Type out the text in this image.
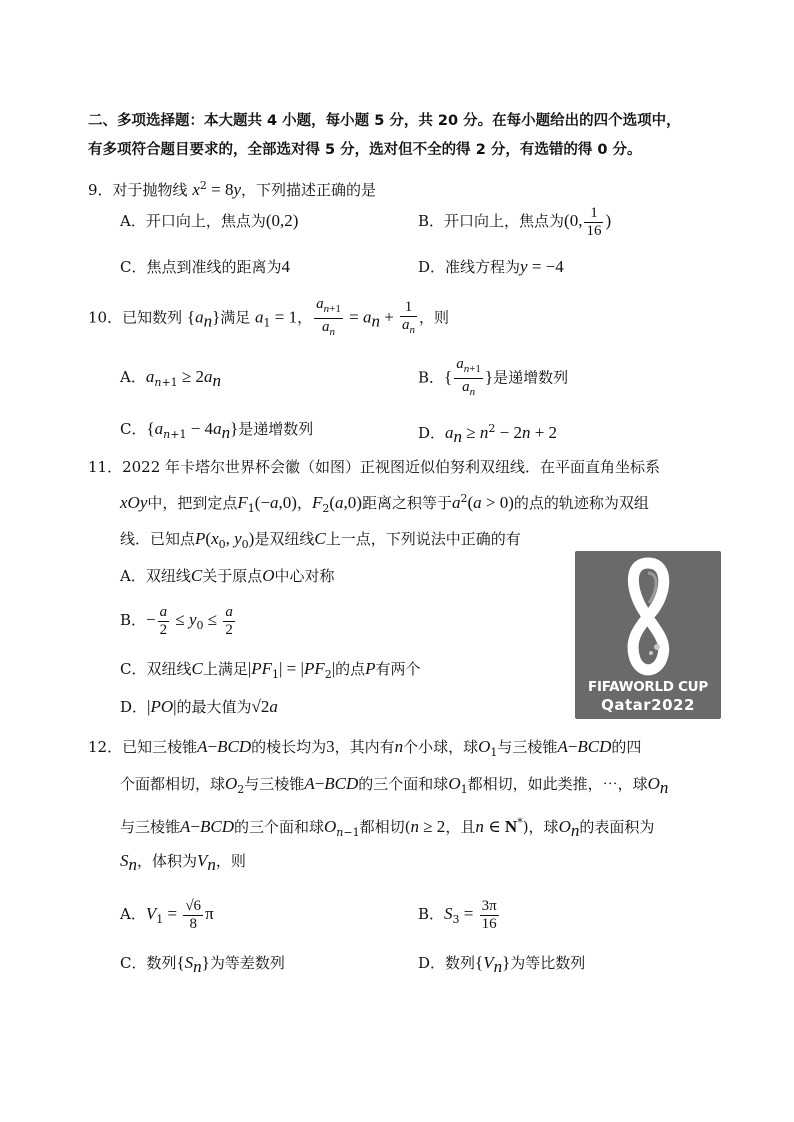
二、多项选择题：本大题共 4 小题，每小题 5 分，共 20 分。在每小题给出的四个选项中，
有多项符合题目要求的，全部选对得 5 分，选对但不全的得 2 分，有选错的得 0 分。
9．对于抛物线 $x^2 = 8y$，下列描述正确的是
A．开口向上，焦点为(0,2)	B．开口向上，焦点为(0, $\frac{1}{16}$ )
C．焦点到准线的距离为4	D．准线方程为y = −4
10．已知数列 $\{a_n\}$满足 $a_1 = 1$， $\frac{a_{n+1}}{a_n} = a_n + \frac{1}{a_n}$ ，则
A．$a_{n+1} \ge 2a_n$	B．{ $\frac{a_{n+1}}{a_n}$ }是递增数列
C．$\{a_{n+1} - 4a_n\}$是递增数列	D．$a_n \ge n^2 - 2n + 2$
11．2022 年卡塔尔世界杯会徽（如图）正视图近似伯努利双纽线．在平面直角坐标系
xOy中，把到定点$F_1(-a,0)$，$F_2(a,0)$距离之积等于$a^2(a > 0)$的点的轨迹称为双组
线．已知点$P(x_0$, $y_0$)是双纽线C上一点，下列说法中正确的有
A．双纽线C关于原点O中心对称
B．− $\frac{a}{2} \le y_0 \le \frac{a}{2}$
C．双纽线C上满足$|PF_1| = |PF_2|$的点P有两个
D．|PO|的最大值为√2a
FIFAWORLD CUP
Qatar2022
12．已知三棱锥A−BCD的棱长均为3，其内有n个小球，球$O_1$与三棱锥A−BCD的四
个面都相切，球$O_2$与三棱锥A−BCD的三个面和球$O_1$都相切，如此类推，⋯，球$O_n$
与三棱锥A−BCD的三个面和球$O_{n-1}$都相切(n ≥ 2，且n ∈ N*)，球$O_n$的表面积为
$S_n$，体积为$V_n$，则
A．$V_1 = \frac{√6}{8}$ π	B．$S_3 = \frac{3\pi}{16}$
C．数列$\{S_n\}$为等差数列	D．数列$\{V_n\}$为等比数列
